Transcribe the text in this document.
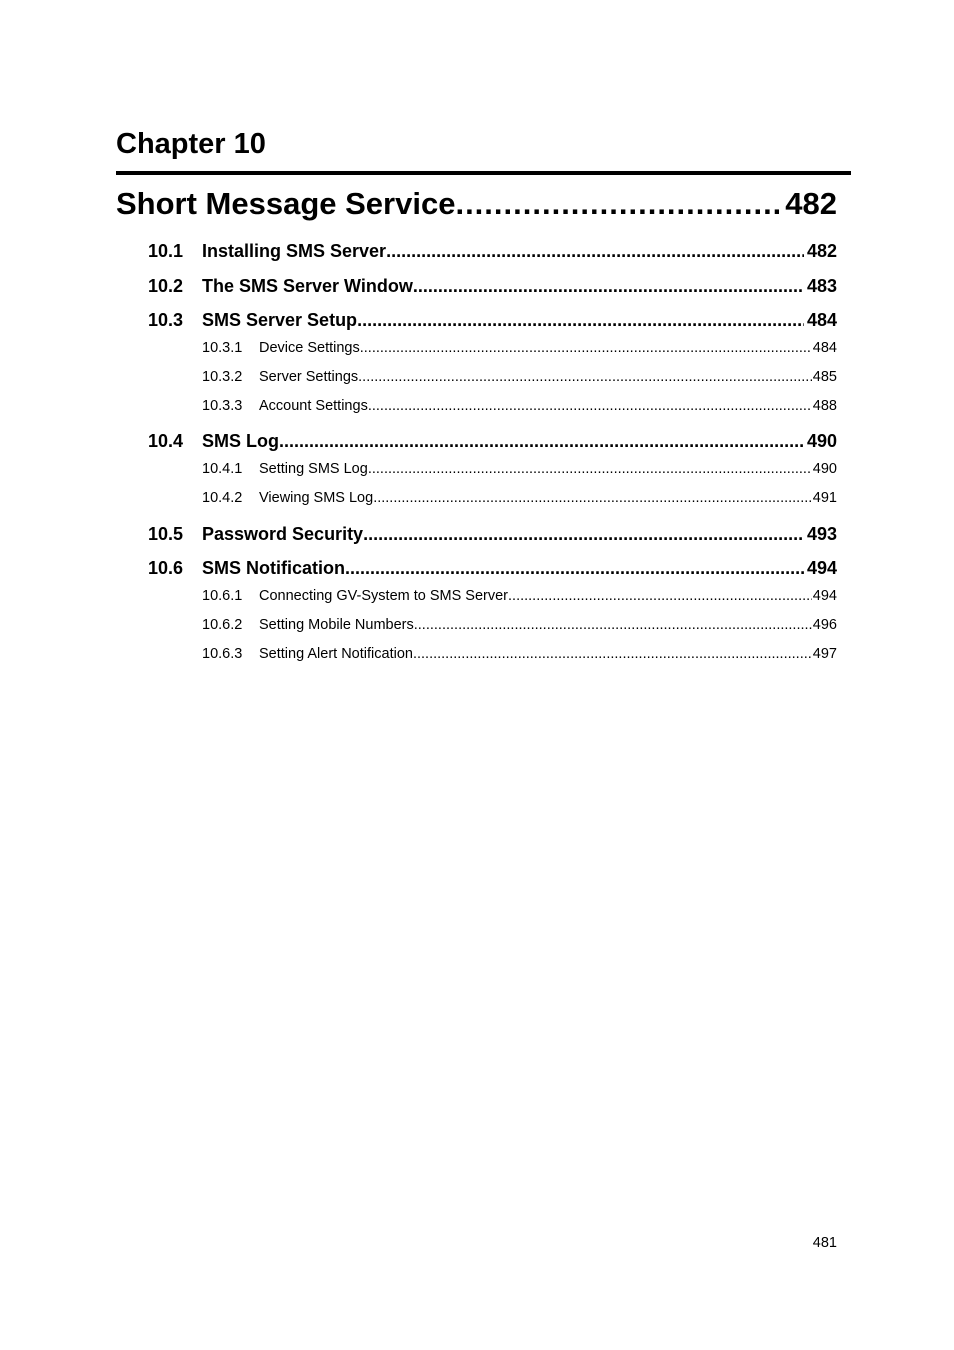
Chapter 10
Short Message Service .....	482
10.1	Installing SMS Server .....	482
10.2	The SMS Server Window .....	483
10.3	SMS Server Setup .....	484
10.3.1	Device Settings .....	484
10.3.2	Server Settings .....	485
10.3.3	Account Settings .....	488
10.4	SMS Log .....	490
10.4.1	Setting SMS Log .....	490
10.4.2	Viewing SMS Log .....	491
10.5	Password Security .....	493
10.6	SMS Notification .....	494
10.6.1	Connecting GV-System to SMS Server .....	494
10.6.2	Setting Mobile Numbers .....	496
10.6.3	Setting Alert Notification .....	497
481
